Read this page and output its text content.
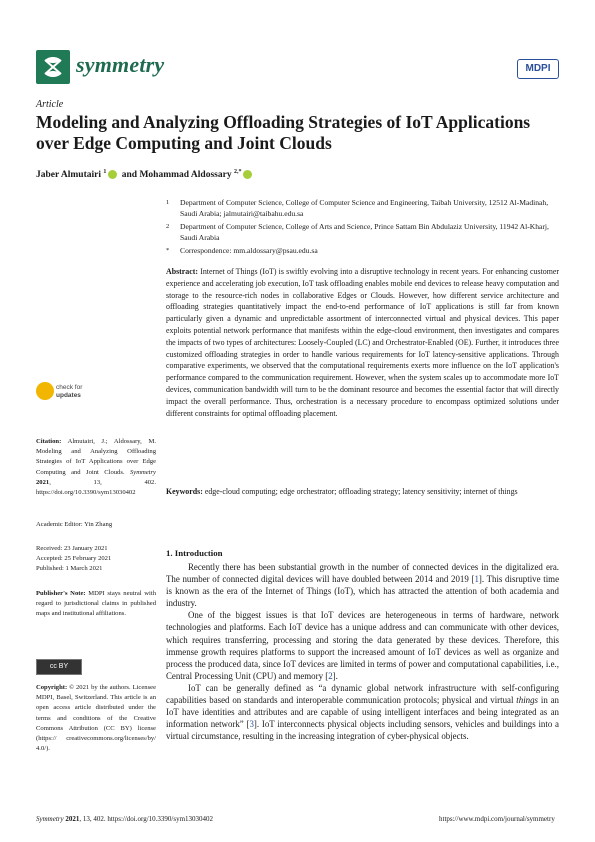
symmetry	MDPI
Article
Modeling and Analyzing Offloading Strategies of IoT Applications over Edge Computing and Joint Clouds
Jaber Almutairi $^1$ and Mohammad Aldossary $^{2,*}$
1	Department of Computer Science, College of Computer Science and Engineering, Taibah University, 12512 Al-Madinah, Saudi Arabia; jalmutairi@taibahu.edu.sa
2	Department of Computer Science, College of Arts and Science, Prince Sattam Bin Abdulaziz University, 11942 Al-Kharj, Saudi Arabia
*	Correspondence: mm.aldossary@psau.edu.sa
Abstract: Internet of Things (IoT) is swiftly evolving into a disruptive technology in recent years. For enhancing customer experience and accelerating job execution, IoT task offloading enables mobile end devices to release heavy computation and storage to the resource-rich nodes in collaborative Edges or Clouds. However, how different service architecture and offloading strategies quantitatively impact the end-to-end performance of IoT applications is still far from known particularly given a dynamic and unpredictable assortment of interconnected virtual and physical devices. This paper exploits potential network performance that manifests within the edge-cloud environment, then investigates and compares the impacts of two types of architectures: Loosely-Coupled (LC) and Orchestrator-Enabled (OE). Further, it introduces three customized offloading strategies in order to handle various requirements for IoT latency-sensitive applications. Through comparative experiments, we observed that the computational requirements exerts more influence on the IoT application's performance compared to the communication requirement. However, when the system scales up to accommodate more IoT devices, communication bandwidth will turn to be the dominant resource and becomes the essential factor that will directly impact the overall performance. Thus, orchestration is a necessary procedure to encompass optimized solutions under different constraints for optimal offloading placement.
Keywords: edge-cloud computing; edge orchestrator; offloading strategy; latency sensitivity; internet of things
check for
updates
Citation: Almutairi, J.; Aldossary, M. Modeling and Analyzing Offloading Strategies of IoT Applications over Edge Computing and Joint Clouds. Symmetry 2021, 13, 402. https://doi.org/10.3390/sym13030402
Academic Editor: Yin Zhang
Received: 23 January 2021
Accepted: 25 February 2021
Published: 1 March 2021
Publisher's Note: MDPI stays neutral with regard to jurisdictional claims in published maps and institutional affiliations.
cc BY
Copyright: © 2021 by the authors. Licensee MDPI, Basel, Switzerland. This article is an open access article distributed under the terms and conditions of the Creative Commons Attribution (CC BY) license (https:// creativecommons.org/licenses/by/ 4.0/).
1. Introduction

Recently there has been substantial growth in the number of connected devices in the digitalized era. The number of connected digital devices will have doubled between 2014 and 2019 [1]. This disruptive time is known as the era of the Internet of Things (IoT), which has attracted the attention of both academia and industry.

One of the biggest issues is that IoT devices are heterogeneous in terms of hardware, network technologies and platforms. Each IoT device has a unique address and can communicate with other devices, which requires transferring, processing and storing the data generated by these devices. Therefore, this immense growth requires platforms to support the increased amount of IoT devices as well as organize and process the produced data, since IoT devices are limited in terms of power and computational capabilities, i.e., Central Processing Unit (CPU) and memory [2].

IoT can be generally defined as “a dynamic global network infrastructure with self-configuring capabilities based on standards and interoperable communication protocols; physical and virtual things in an IoT have identities and attributes and are capable of using intelligent interfaces and being integrated as an information network” [3]. IoT interconnects physical objects including sensors, vehicles and buildings into a virtual circumstance, resulting in the increasing integration of cyber-physical objects.

Symmetry 2021, 13, 402. https://doi.org/10.3390/sym13030402	https://www.mdpi.com/journal/symmetry
